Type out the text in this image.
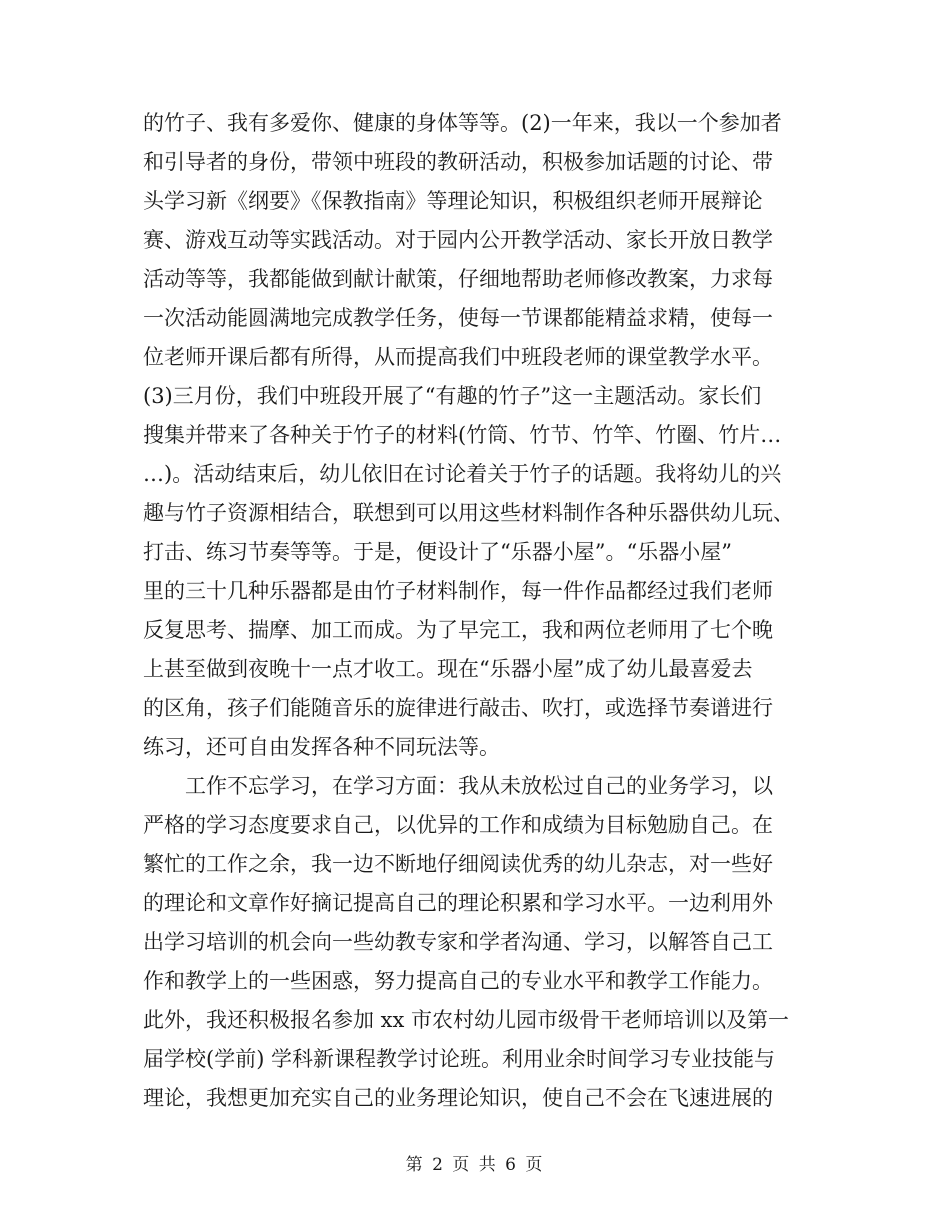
的竹子、我有多爱你、健康的身体等等。(2)一年来，我以一个参加者
和引导者的身份，带领中班段的教研活动，积极参加话题的讨论、带
头学习新《纲要》《保教指南》等理论知识，积极组织老师开展辩论
赛、游戏互动等实践活动。对于园内公开教学活动、家长开放日教学
活动等等，我都能做到献计献策，仔细地帮助老师修改教案，力求每
一次活动能圆满地完成教学任务，使每一节课都能精益求精，使每一
位老师开课后都有所得，从而提高我们中班段老师的课堂教学水平。
(3)三月份，我们中班段开展了“有趣的竹子”这一主题活动。家长们
搜集并带来了各种关于竹子的材料(竹筒、竹节、竹竿、竹圈、竹片…
…)。活动结束后，幼儿依旧在讨论着关于竹子的话题。我将幼儿的兴
趣与竹子资源相结合，联想到可以用这些材料制作各种乐器供幼儿玩、
打击、练习节奏等等。于是，便设计了“乐器小屋”。“乐器小屋”
里的三十几种乐器都是由竹子材料制作，每一件作品都经过我们老师
反复思考、揣摩、加工而成。为了早完工，我和两位老师用了七个晚
上甚至做到夜晚十一点才收工。现在“乐器小屋”成了幼儿最喜爱去
的区角，孩子们能随音乐的旋律进行敲击、吹打，或选择节奏谱进行
练习，还可自由发挥各种不同玩法等。
工作不忘学习，在学习方面：我从未放松过自己的业务学习，以
严格的学习态度要求自己，以优异的工作和成绩为目标勉励自己。在
繁忙的工作之余，我一边不断地仔细阅读优秀的幼儿杂志，对一些好
的理论和文章作好摘记提高自己的理论积累和学习水平。一边利用外
出学习培训的机会向一些幼教专家和学者沟通、学习，以解答自己工
作和教学上的一些困惑，努力提高自己的专业水平和教学工作能力。
此外，我还积极报名参加 xx 市农村幼儿园市级骨干老师培训以及第一
届学校(学前) 学科新课程教学讨论班。利用业余时间学习专业技能与
理论，我想更加充实自己的业务理论知识，使自己不会在飞速进展的
第 2 页 共 6 页
